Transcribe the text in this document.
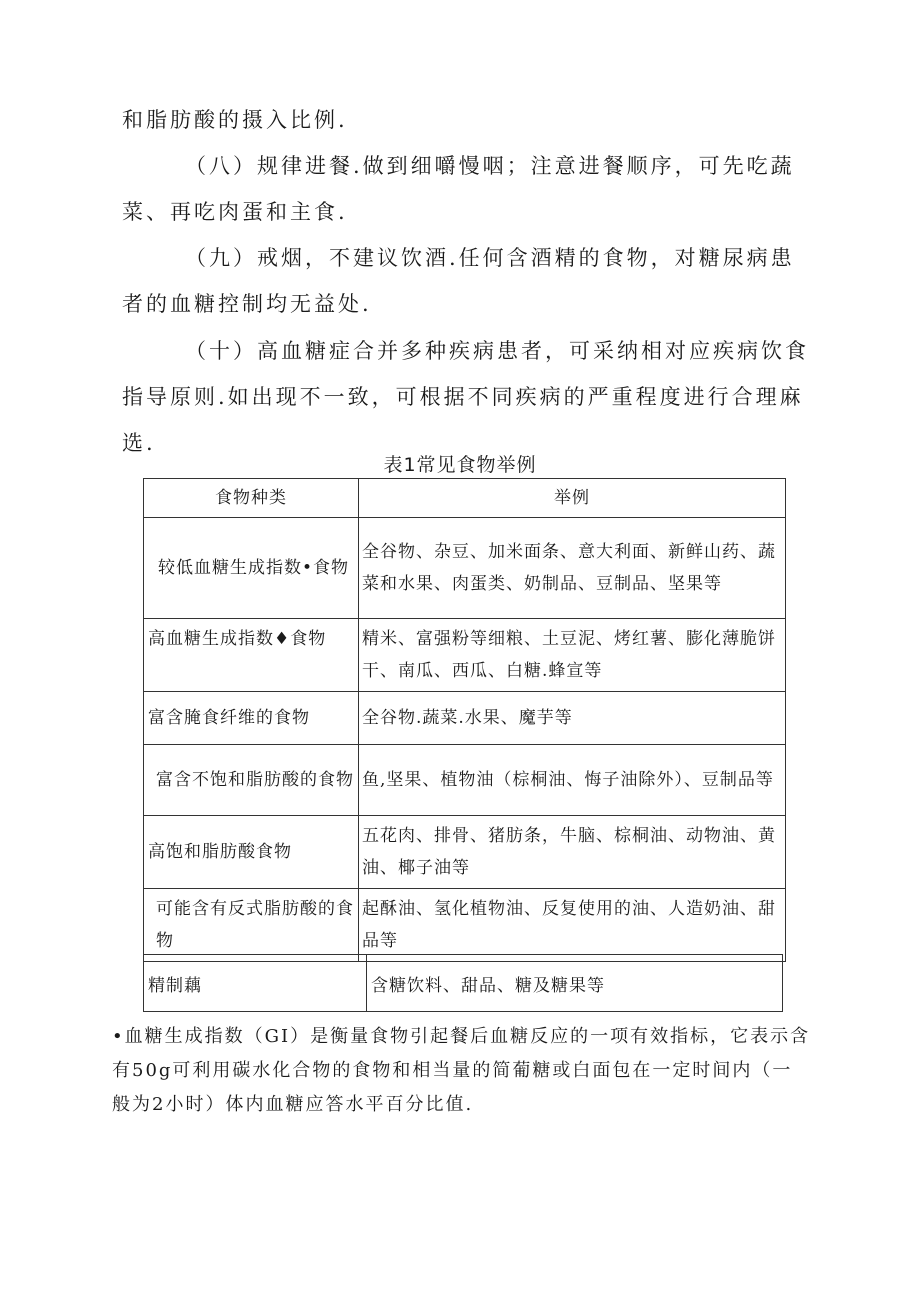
和脂肪酸的摄入比例.

（八）规律进餐.做到细嚼慢咽；注意进餐顺序，可先吃蔬菜、再吃肉蛋和主食.

（九）戒烟，不建议饮酒.任何含酒精的食物，对糖尿病患者的血糖控制均无益处.

（十）高血糖症合并多种疾病患者，可采纳相对应疾病饮食指导原则.如出现不一致，可根据不同疾病的严重程度进行合理麻选.

表1常见食物举例
食物种类	举例
较低血糖生成指数•食物	全谷物、杂豆、加米面条、意大利面、新鲜山药、蔬菜和水果、肉蛋类、奶制品、豆制品、坚果等
高血糖生成指数♦食物	精米、富强粉等细粮、土豆泥、烤红薯、膨化薄脆饼干、南瓜、西瓜、白糖.蜂宣等
富含腌食纤维的食物	全谷物.蔬菜.水果、魔芋等
富含不饱和脂肪酸的食物	鱼,坚果、植物油（棕桐油、悔子油除外）、豆制品等
高饱和脂肪酸食物	五花肉、排骨、猪肪条，牛脑、棕桐油、动物油、黄油、椰子油等
可能含有反式脂肪酸的食物	起酥油、氢化植物油、反复使用的油、人造奶油、甜品等
精制藕	含糖饮料、甜品、糖及糖果等

•血糖生成指数（GI）是衡量食物引起餐后血糖反应的一项有效指标，它表示含有50g可利用碳水化合物的食物和相当量的简葡糖或白面包在一定时间内（一般为2小时）体内血糖应答水平百分比值.
